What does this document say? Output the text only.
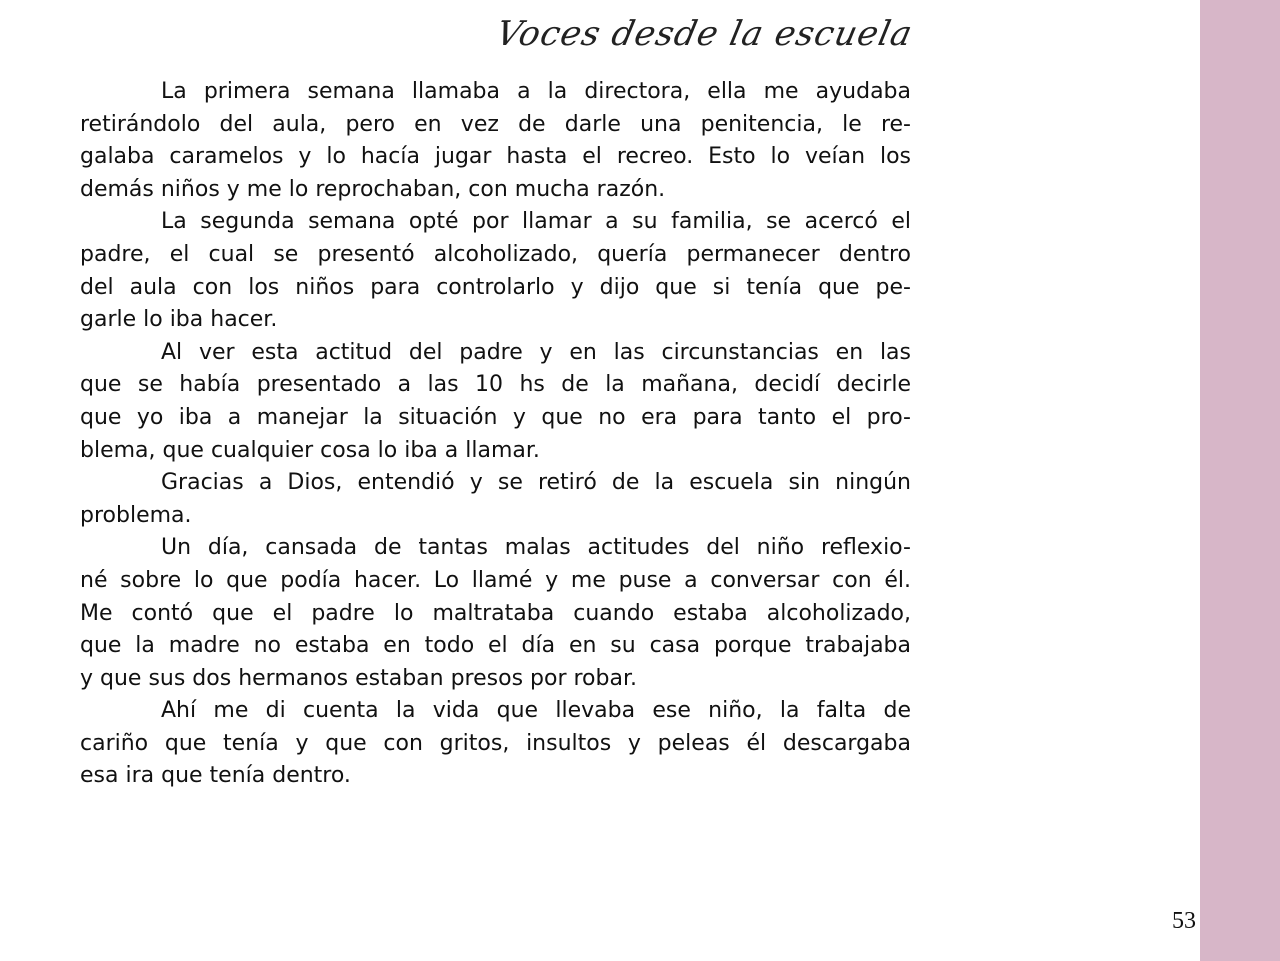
Voces desde la escuela
La primera semana llamaba a la directora, ella me ayudaba
retirándolo del aula, pero en vez de darle una penitencia, le re-
galaba caramelos y lo hacía jugar hasta el recreo. Esto lo veían los
demás niños y me lo reprochaban, con mucha razón.
La segunda semana opté por llamar a su familia, se acercó el
padre, el cual se presentó alcoholizado, quería permanecer dentro
del aula con los niños para controlarlo y dijo que si tenía que pe-
garle lo iba hacer.
Al ver esta actitud del padre y en las circunstancias en las
que se había presentado a las 10 hs de la mañana, decidí decirle
que yo iba a manejar la situación y que no era para tanto el pro-
blema, que cualquier cosa lo iba a llamar.
Gracias a Dios, entendió y se retiró de la escuela sin ningún
problema.
Un día, cansada de tantas malas actitudes del niño reflexio-
né sobre lo que podía hacer. Lo llamé y me puse a conversar con él.
Me contó que el padre lo maltrataba cuando estaba alcoholizado,
que la madre no estaba en todo el día en su casa porque trabajaba
y que sus dos hermanos estaban presos por robar.
Ahí me di cuenta la vida que llevaba ese niño, la falta de
cariño que tenía y que con gritos, insultos y peleas él descargaba
esa ira que tenía dentro.
53
